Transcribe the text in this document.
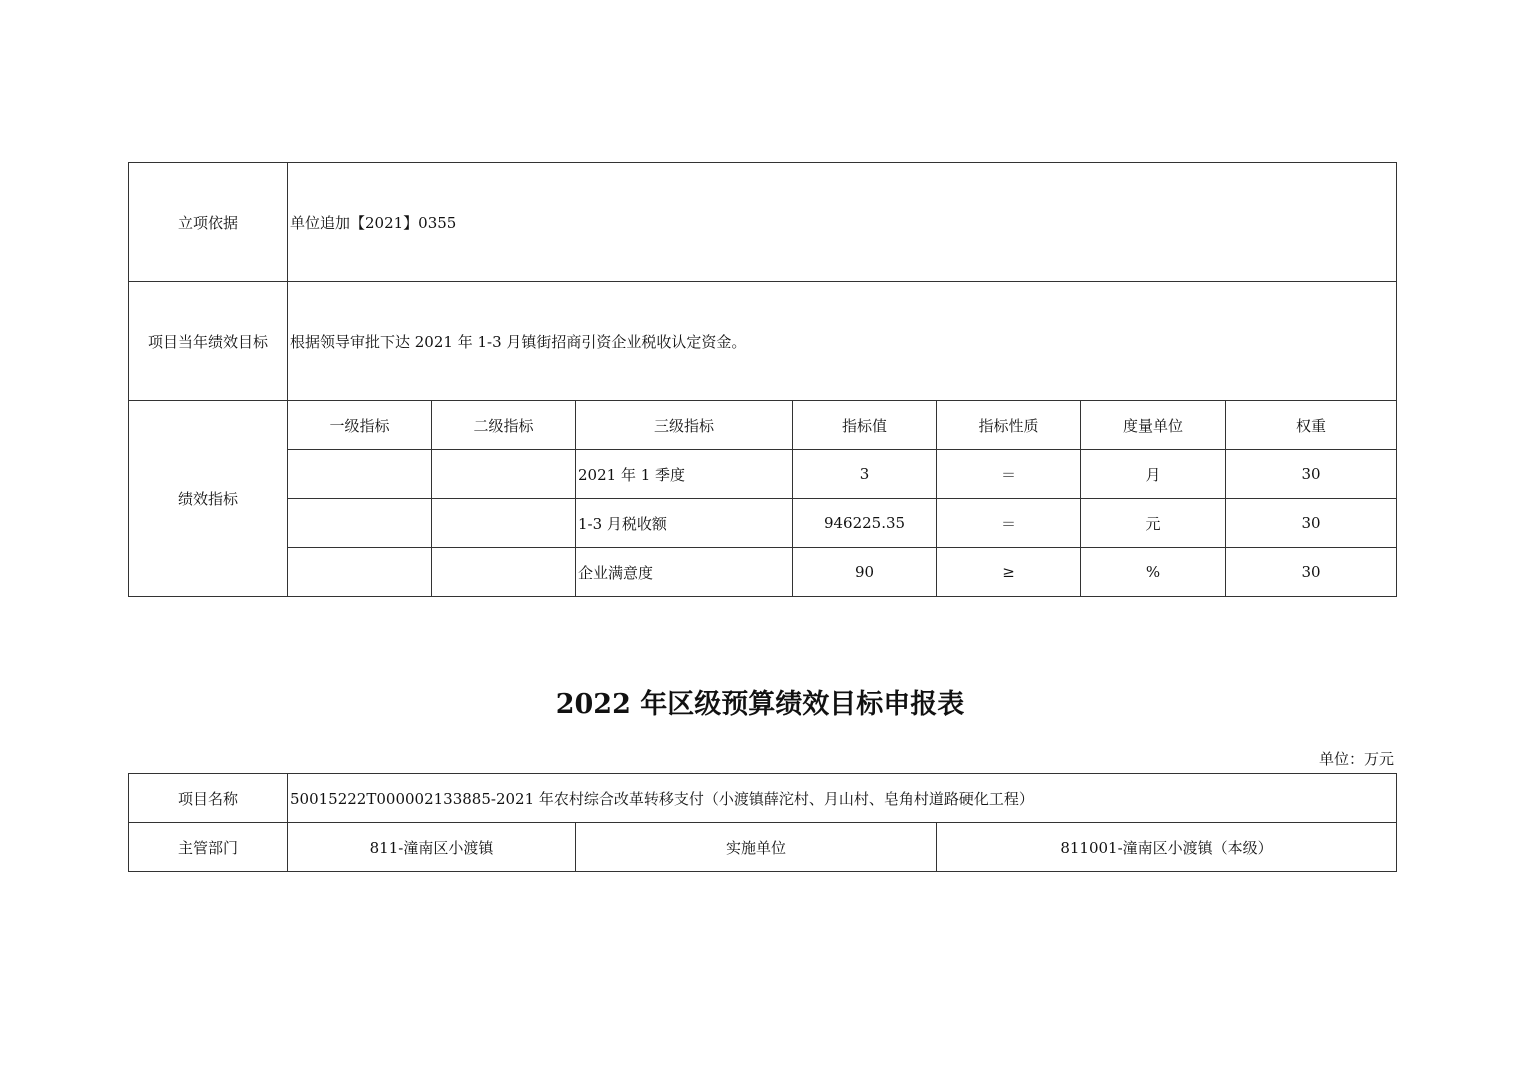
立项依据	单位追加【2021】0355						
项目当年绩效目标	根据领导审批下达 2021 年 1-3 月镇街招商引资企业税收认定资金。						
绩效指标	一级指标	二级指标	三级指标	指标值	指标性质	度量单位	权重
			2021 年 1 季度	3	＝	月	30
			1-3 月税收额	946225.35	＝	元	30
			企业满意度	90	≥	%	30
2022 年区级预算绩效目标申报表
单位：万元
项目名称	50015222T000002133885-2021 年农村综合改革转移支付（小渡镇薛沱村、月山村、皂角村道路硬化工程）		
主管部门	811-潼南区小渡镇	实施单位	811001-潼南区小渡镇（本级）
